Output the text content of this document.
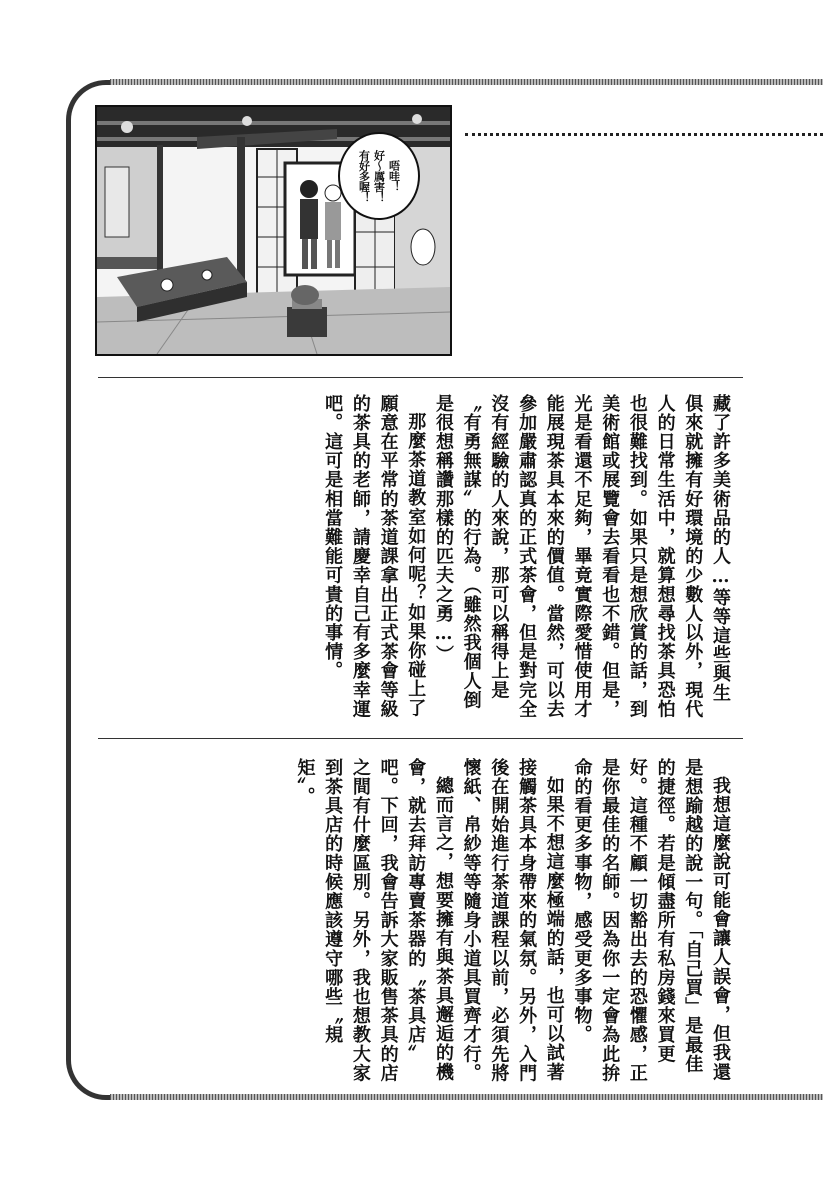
唔哇！
好～厲害！
有好多喔！

藏了許多美術品的人…等等這些與生俱來就擁有好環境的少數人以外，現代人的日常生活中，就算想尋找茶具恐怕也很難找到。如果只是想欣賞的話，到美術館或展覽會去看看也不錯。但是，光是看還不足夠，畢竟實際愛惜使用才能展現茶具本來的價值。當然，可以去參加嚴肅認真的正式茶會，但是對完全沒有經驗的人來說，那可以稱得上是〝有勇無謀〞的行為。（雖然我個人倒是很想稱讚那樣的匹夫之勇…）

那麼茶道教室如何呢？如果你碰上了願意在平常的茶道課拿出正式茶會等級的茶具的老師，請慶幸自己有多麼幸運吧。這可是相當難能可貴的事情。

我想這麼說可能會讓人誤會，但我還是想踰越的說一句。「自己買」是最佳的捷徑。若是傾盡所有私房錢來買更好。這種不顧一切豁出去的恐懼感，正是你最佳的名師。因為你一定會為此拚命的看更多事物，感受更多事物。

如果不想這麼極端的話，也可以試著接觸茶具本身帶來的氣氛。另外，入門後在開始進行茶道課程以前，必須先將懷紙、帛紗等等隨身小道具買齊才行。

總而言之，想要擁有與茶具邂逅的機會，就去拜訪專賣茶器的〝茶具店〞吧。下回，我會告訴大家販售茶具的店之間有什麼區別。另外，我也想教大家到茶具店的時候應該遵守哪些〝規矩〞。
